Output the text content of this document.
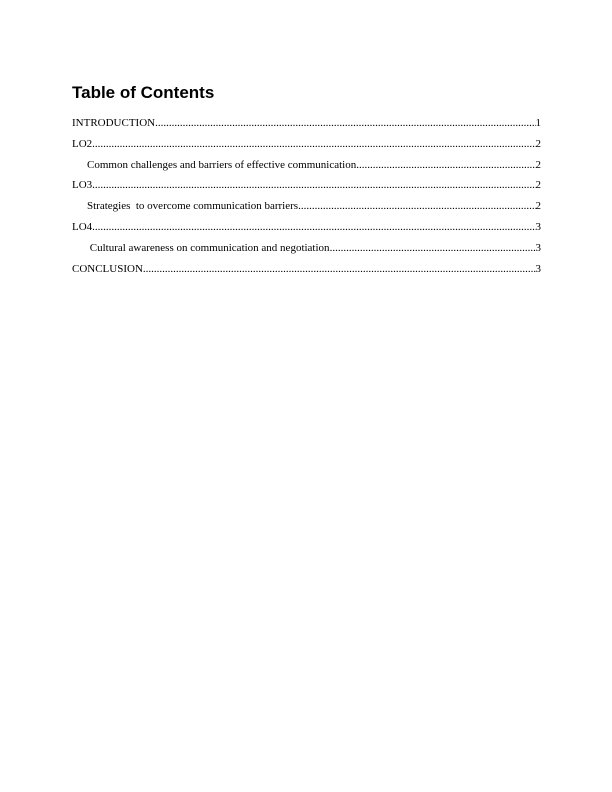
Table of Contents
INTRODUCTION .....	1
LO2 .....	2
Common challenges and barriers of effective communication .....	2
LO3 .....	2
Strategies  to overcome communication barriers .....	2
LO4 .....	3
Cultural awareness on communication and negotiation .....	3
CONCLUSION .....	3
